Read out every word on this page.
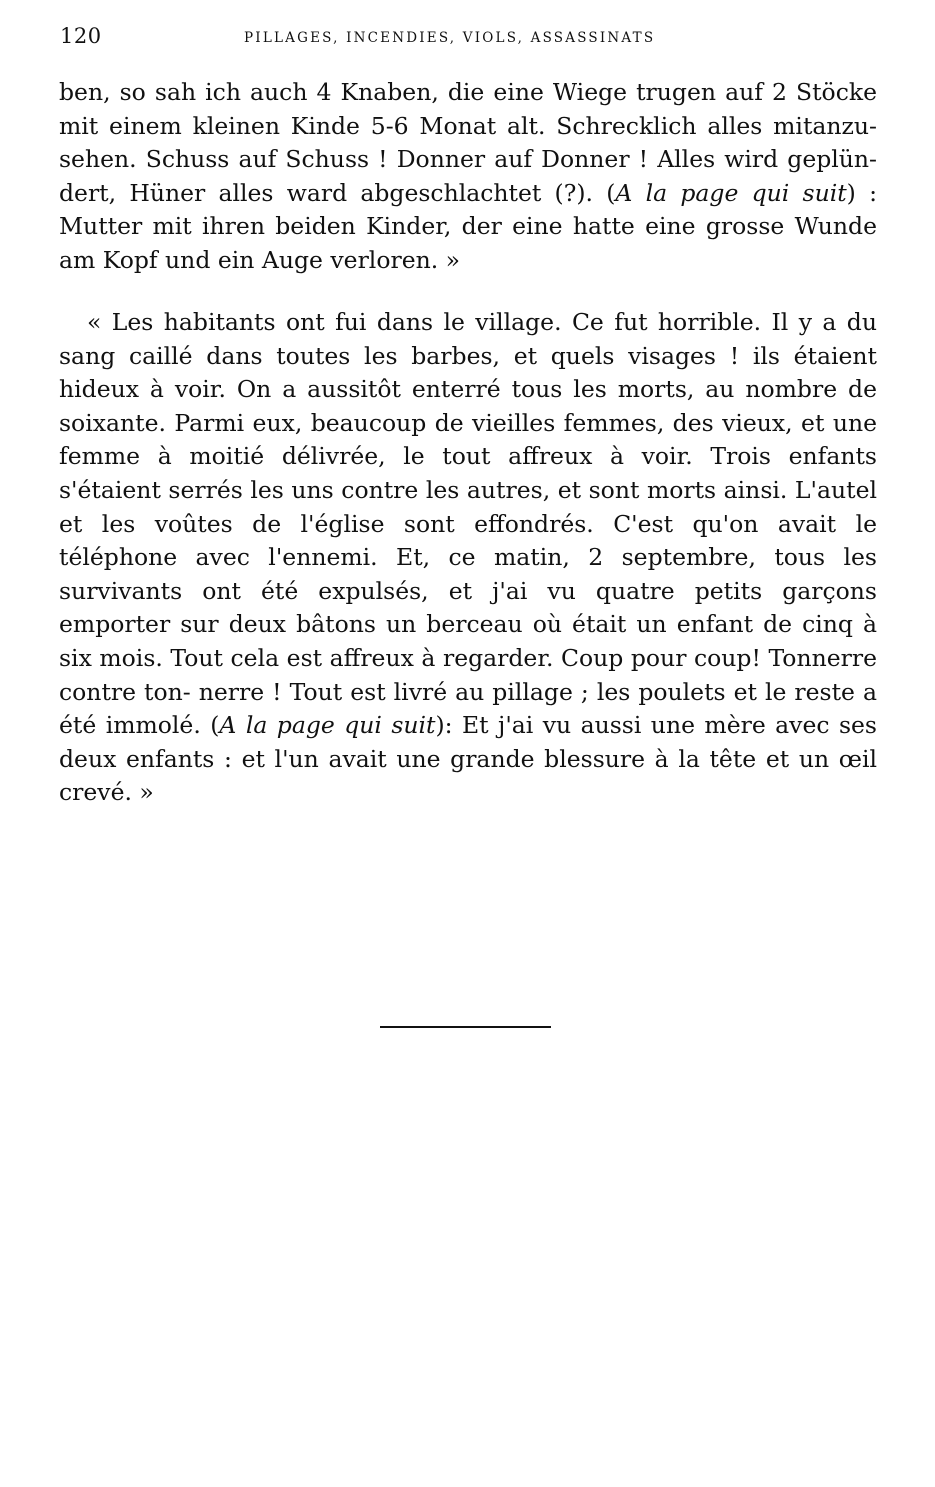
120	PILLAGES, INCENDIES, VIOLS, ASSASSINATS

ben, so sah ich auch 4 Knaben, die eine Wiege trugen auf 2 Stöcke mit einem kleinen Kinde 5-6 Monat alt. Schrecklich alles mitanzu- sehen. Schuss auf Schuss ! Donner auf Donner ! Alles wird geplün- dert, Hüner alles ward abgeschlachtet (?). (A la page qui suit) : Mutter mit ihren beiden Kinder, der eine hatte eine grosse Wunde am Kopf und ein Auge verloren. »

« Les habitants ont fui dans le village. Ce fut horrible. Il y a du sang caillé dans toutes les barbes, et quels visages ! ils étaient hideux à voir. On a aussitôt enterré tous les morts, au nombre de soixante. Parmi eux, beaucoup de vieilles femmes, des vieux, et une femme à moitié délivrée, le tout affreux à voir. Trois enfants s'étaient serrés les uns contre les autres, et sont morts ainsi. L'autel et les voûtes de l'église sont effondrés. C'est qu'on avait le téléphone avec l'ennemi. Et, ce matin, 2 septembre, tous les survivants ont été expulsés, et j'ai vu quatre petits garçons emporter sur deux bâtons un berceau où était un enfant de cinq à six mois. Tout cela est affreux à regarder. Coup pour coup! Tonnerre contre ton- nerre ! Tout est livré au pillage ; les poulets et le reste a été immolé. (A la page qui suit): Et j'ai vu aussi une mère avec ses deux enfants : et l'un avait une grande blessure à la tête et un œil crevé. »
